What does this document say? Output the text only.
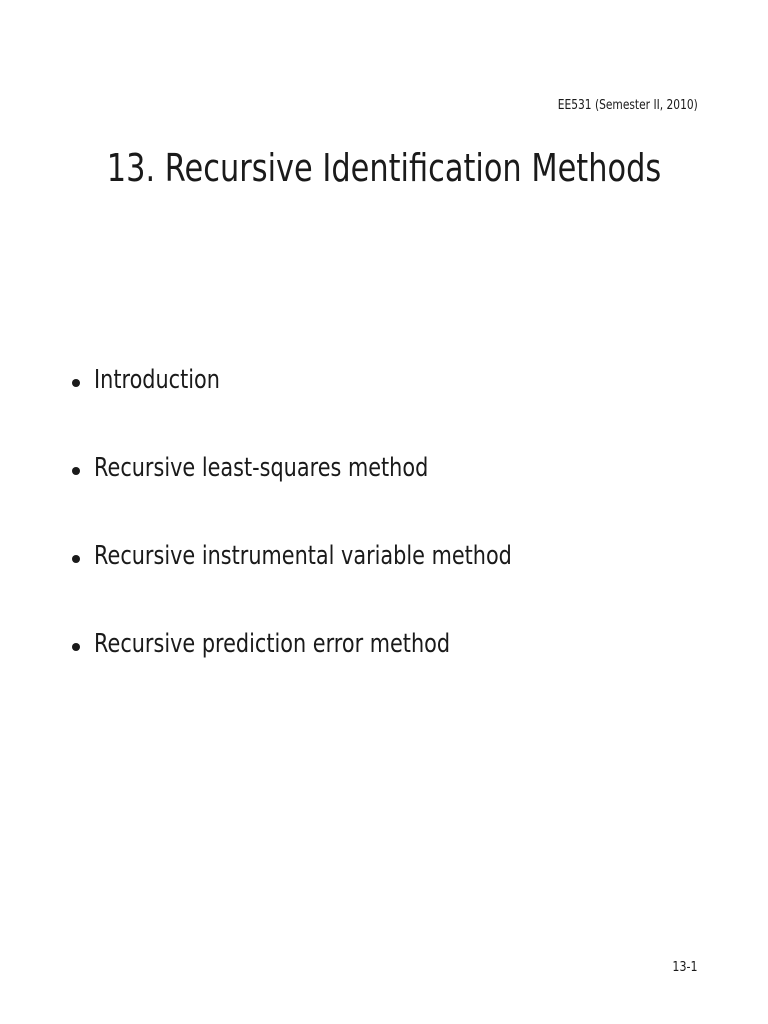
EE531 (Semester II, 2010)
13. Recursive Identification Methods
Introduction
Recursive least-squares method
Recursive instrumental variable method
Recursive prediction error method
13-1
